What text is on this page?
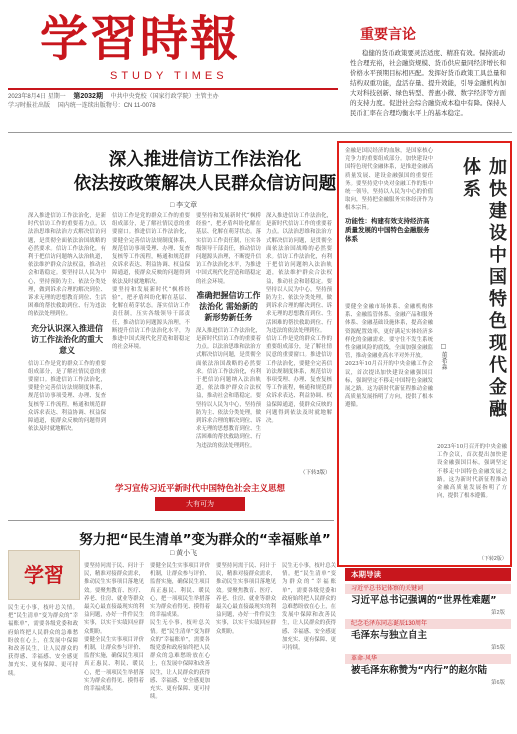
学習時報
STUDY TIMES
2023年8月4日 星期一 第2032期 中共中央党校（国家行政学院）主管主办
学习时报社出版 国内统一连续出版物号：CN 11-0078
重要言论
稳健的货币政策要灵活适度、精准有效。保持流动性合理充裕，社会融资规模、货币供应量同经济增长和价格水平预期目标相匹配。发挥好货币政策工具总量和结构双重功能，盘活存量、提升效能，引导金融机构加大对科技创新、绿色转型、普惠小微、数字经济等方面的支持力度。促进社会综合融资成本稳中有降。保持人民币汇率在合理均衡水平上的基本稳定。
深入推进信访工作法治化
依法按政策解决人民群众信访问题
□ 李文章
深入推进信访工作法治化，是新时代信访工作的重要着力点。以法治思维和法治方式解决信访问题，是贯彻全面依法治国战略的必然要求。信访工作法治化，有利于把信访问题纳入法治轨道，依法维护群众合法权益，推动社会和谐稳定。要坚持以人民为中心，坚持预防为主、依法分类处理，做到诉求合理的解决到位、诉求无理的思想教育到位、生活困难的帮扶救助到位、行为违法的依法处理到位。
充分认识深入推进信访工作法治化的重大意义
信访工作是党的群众工作的重要组成部分，是了解社情民意的重要窗口。推进信访工作法治化，要健全完善信访法规制度体系，规范信访事项受理、办理、复查复核等工作流程，畅通和规范群众诉求表达、利益协调、权益保障通道，使群众反映的问题得到依法及时就地解决。
信访工作是党的群众工作的重要组成部分，是了解社情民意的重要窗口。推进信访工作法治化，要健全完善信访法规制度体系，规范信访事项受理、办理、复查复核等工作流程，畅通和规范群众诉求表达、利益协调、权益保障通道，使群众反映的问题得到依法及时就地解决。
要坚持和发展新时代“枫桥经验”，把矛盾纠纷化解在基层、化解在萌芽状态。落实信访工作责任制，压实各级领导干部责任，推动信访问题源头治理，不断提升信访工作法治化水平，为推进中国式现代化营造和谐稳定的社会环境。
要坚持和发展新时代“枫桥经验”，把矛盾纠纷化解在基层、化解在萌芽状态。落实信访工作责任制，压实各级领导干部责任，推动信访问题源头治理，不断提升信访工作法治化水平，为推进中国式现代化营造和谐稳定的社会环境。
准确把握信访工作法治化 需始新的新形势新任务
深入推进信访工作法治化，是新时代信访工作的重要着力点。以法治思维和法治方式解决信访问题，是贯彻全面依法治国战略的必然要求。信访工作法治化，有利于把信访问题纳入法治轨道，依法维护群众合法权益，推动社会和谐稳定。要坚持以人民为中心，坚持预防为主、依法分类处理，做到诉求合理的解决到位、诉求无理的思想教育到位、生活困难的帮扶救助到位、行为违法的依法处理到位。
深入推进信访工作法治化，是新时代信访工作的重要着力点。以法治思维和法治方式解决信访问题，是贯彻全面依法治国战略的必然要求。信访工作法治化，有利于把信访问题纳入法治轨道，依法维护群众合法权益，推动社会和谐稳定。要坚持以人民为中心，坚持预防为主、依法分类处理，做到诉求合理的解决到位、诉求无理的思想教育到位、生活困难的帮扶救助到位、行为违法的依法处理到位。
信访工作是党的群众工作的重要组成部分，是了解社情民意的重要窗口。推进信访工作法治化，要健全完善信访法规制度体系，规范信访事项受理、办理、复查复核等工作流程，畅通和规范群众诉求表达、利益协调、权益保障通道，使群众反映的问题得到依法及时就地解决。
（下转3版）
学习宣传习近平新时代中国特色社会主义思想
大有可为
金融是国民经济的血脉，是国家核心竞争力的重要组成部分。加快建设中国特色现代金融体系，是推进金融高质量发展、建设金融强国的重要任务。要坚持党中央对金融工作的集中统一领导，坚持以人民为中心的价值取向，坚持把金融服务实体经济作为根本宗旨。
功能性：构建有效支持经济高质量发展的中国特色金融服务体系	加快建设中国特色现代金融体系
□ 董希淼
要健全金融市场体系、金融机构体系、金融监管体系、金融产品和服务体系、金融基础设施体系，提高金融资源配置效率，更好满足实体经济多样化的金融需求。要守住不发生系统性金融风险的底线，全面加强金融监管，推动金融业高水平对外开放。
2023年10月召开的中央金融工作会议，首次提出加快建设金融强国目标，强调坚定不移走中国特色金融发展之路。这为新时代新征程推动金融高质量发展指明了方向，提供了根本遵循。
2023年10月召开的中央金融工作会议，首次提出加快建设金融强国目标，强调坚定不移走中国特色金融发展之路。这为新时代新征程推动金融高质量发展指明了方向，提供了根本遵循。
（下转2版）
努力把“民生清单”变为群众的“幸福账单”
□ 黄小飞
学習
民生无小事，枝叶总关情。把“民生清单”变为群众的“幸福账单”，需要各级党委和政府始终把人民群众的急难愁盼放在心上，在发展中保障和改善民生，让人民群众的获得感、幸福感、安全感更加充实、更有保障、更可持续。
要坚持问需于民、问计于民，精准对接群众需求，推动民生实事项目落地见效。要聚焦教育、医疗、养老、住房、就业等群众最关心最直接最现实的利益问题，办好一件件民生实事，以实干实绩回应群众期盼。
要健全民生实事项目评价机制，让群众参与评价、监督实施，确保民生项目真正惠民、利民、暖民心，把一项项民生举措落实为群众看得见、摸得着的幸福成果。
要健全民生实事项目评价机制，让群众参与评价、监督实施，确保民生项目真正惠民、利民、暖民心，把一项项民生举措落实为群众看得见、摸得着的幸福成果。
民生无小事，枝叶总关情。把“民生清单”变为群众的“幸福账单”，需要各级党委和政府始终把人民群众的急难愁盼放在心上，在发展中保障和改善民生，让人民群众的获得感、幸福感、安全感更加充实、更有保障、更可持续。
要坚持问需于民、问计于民，精准对接群众需求，推动民生实事项目落地见效。要聚焦教育、医疗、养老、住房、就业等群众最关心最直接最现实的利益问题，办好一件件民生实事，以实干实绩回应群众期盼。
民生无小事，枝叶总关情。把“民生清单”变为群众的“幸福账单”，需要各级党委和政府始终把人民群众的急难愁盼放在心上，在发展中保障和改善民生，让人民群众的获得感、幸福感、安全感更加充实、更有保障、更可持续。
本期导读
习近平总书记体察的关键词
习近平总书记强调的“世界性难题”
第2版
纪念毛泽东同志诞辰130周年
毛泽东与独立自主
第5版
革命·风华
被毛泽东称赞为“内行”的赵尔陆
第6版
